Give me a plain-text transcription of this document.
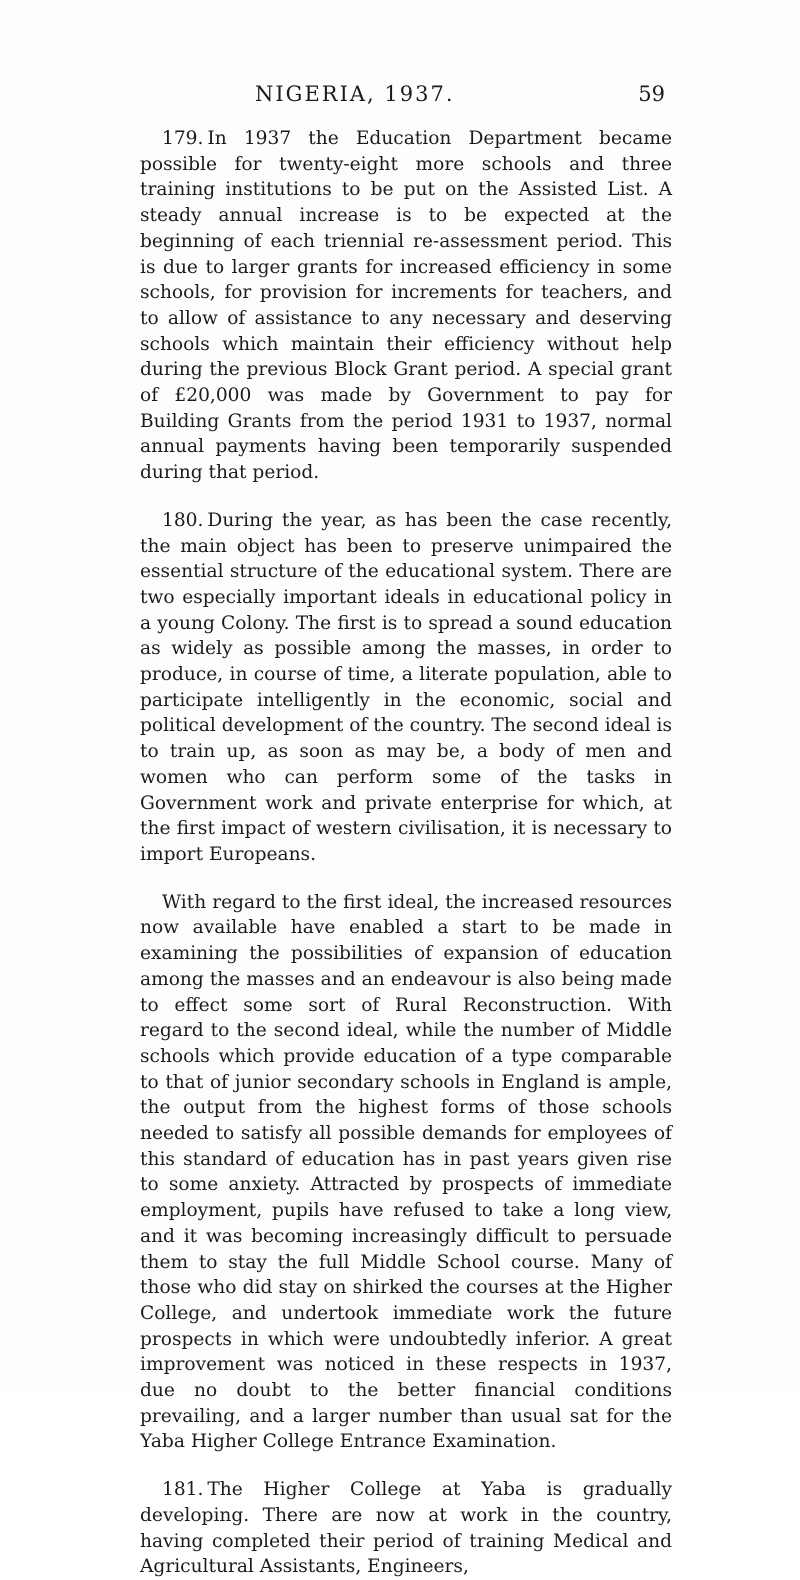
NIGERIA, 1937.	59

179. In 1937 the Education Department became possible for twenty-eight more schools and three training institutions to be put on the Assisted List. A steady annual increase is to be expected at the beginning of each triennial re-assessment period. This is due to larger grants for increased efficiency in some schools, for provision for increments for teachers, and to allow of assistance to any necessary and deserving schools which maintain their efficiency without help during the previous Block Grant period. A special grant of £20,000 was made by Government to pay for Building Grants from the period 1931 to 1937, normal annual payments having been temporarily suspended during that period.

180. During the year, as has been the case recently, the main object has been to preserve unimpaired the essential structure of the educational system. There are two especially important ideals in educational policy in a young Colony. The first is to spread a sound education as widely as possible among the masses, in order to produce, in course of time, a literate population, able to participate intelligently in the economic, social and political development of the country. The second ideal is to train up, as soon as may be, a body of men and women who can perform some of the tasks in Government work and private enterprise for which, at the first impact of western civilisation, it is necessary to import Europeans.

With regard to the first ideal, the increased resources now available have enabled a start to be made in examining the possibilities of expansion of education among the masses and an endeavour is also being made to effect some sort of Rural Reconstruction. With regard to the second ideal, while the number of Middle schools which provide education of a type comparable to that of junior secondary schools in England is ample, the output from the highest forms of those schools needed to satisfy all possible demands for employees of this standard of education has in past years given rise to some anxiety. Attracted by prospects of immediate employment, pupils have refused to take a long view, and it was becoming increasingly difficult to persuade them to stay the full Middle School course. Many of those who did stay on shirked the courses at the Higher College, and undertook immediate work the future prospects in which were undoubtedly inferior. A great improvement was noticed in these respects in 1937, due no doubt to the better financial conditions prevailing, and a larger number than usual sat for the Yaba Higher College Entrance Examination.

181. The Higher College at Yaba is gradually developing. There are now at work in the country, having completed their period of training Medical and Agricultural Assistants, Engineers,
